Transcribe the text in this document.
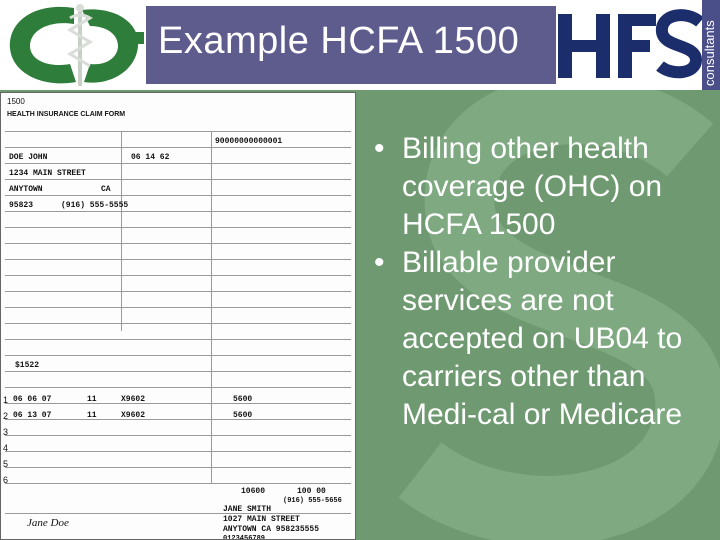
Example HCFA 1500	consultants

• Billing other health coverage (OHC) on HCFA 1500

• Billable provider services are not accepted on UB04 to carriers other than Medi-cal or Medicare

1500
HEALTH INSURANCE CLAIM FORM
90000000000001
DOE JOHN	06 14 62
1234 MAIN STREET
ANYTOWN	CA
95823	(916) 555-5555
$1522
1 06 06 07	11	X9602	5600
2 06 13 07	11	X9602	5600
3
4
5
6
10600	100 00
(916) 555-5656
JANE SMITH
1027 MAIN STREET
ANYTOWN CA 958235555
0123456789
Jane Doe
